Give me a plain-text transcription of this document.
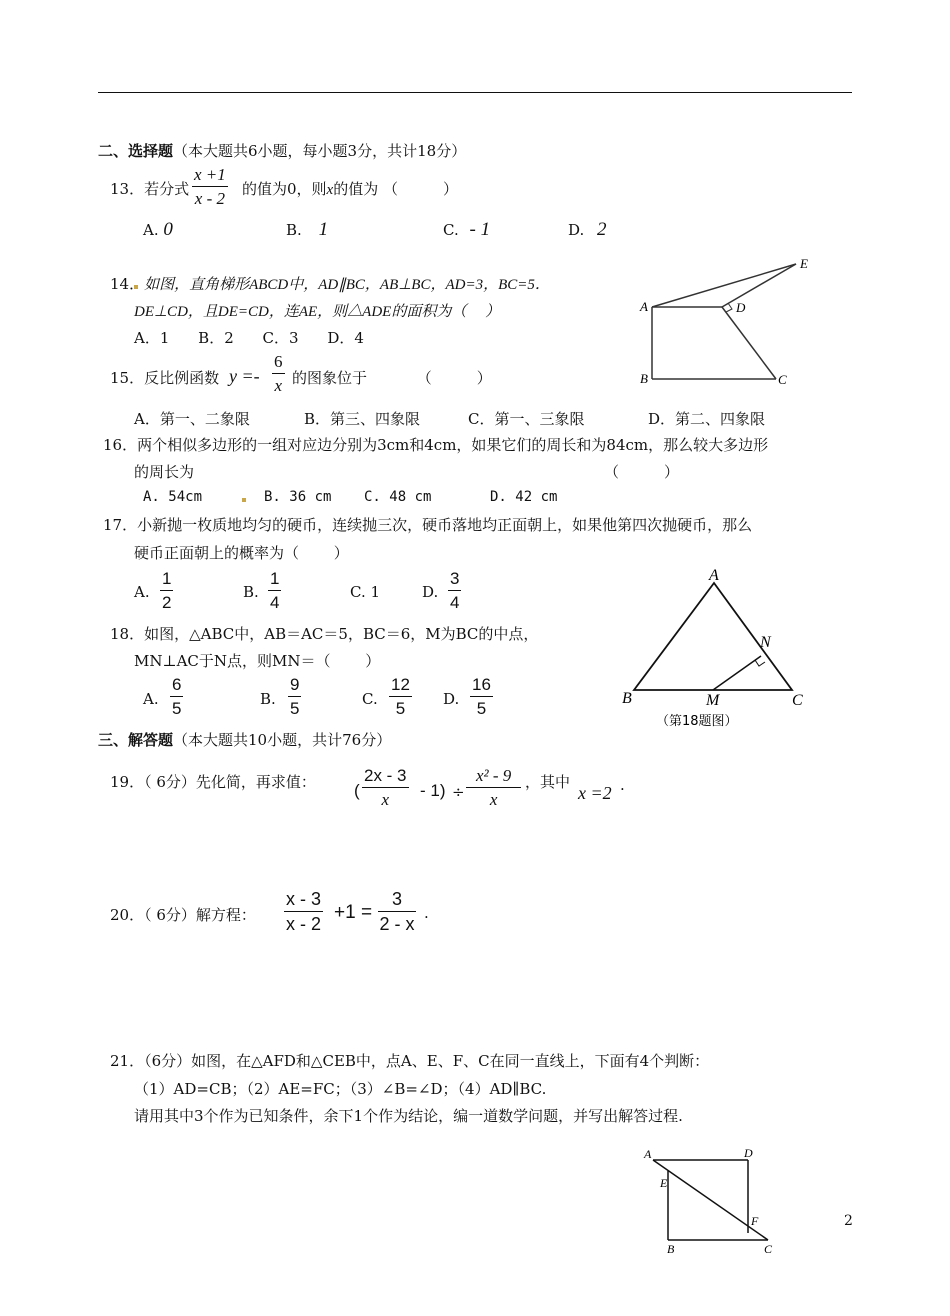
二、选择题（本大题共6小题，每小题3分，共计18分）
13．若分式 $\frac{x +1}{x - 2}$ 的值为0，则x的值为 （　　　）
A. 0	B. 1	C. - 1	D. 2
14．如图，直角梯形ABCD中，AD∥BC，AB⊥BC，AD=3，BC=5．
DE⊥CD，且DE=CD，连AE，则△ADE的面积为（　 ）
A．1 B．2 C．3 D．4
A
B	C
D
E
15．反比例函数 $y =- \frac{6}{x}$ 的图象位于　　　 （　　　）
A．第一、二象限	B．第三、四象限	C．第一、三象限	D．第二、四象限
16．两个相似多边形的一组对应边分别为3cm和4cm，如果它们的周长和为84cm，那么较大多边形
的周长为	（　　　）
A. 54cm	B. 36 cm C. 48 cm	D. 42 cm
17．小新抛一枚质地均匀的硬币，连续抛三次，硬币落地均正面朝上，如果他第四次抛硬币，那么
硬币正面朝上的概率为（　　 ）
A. $\frac{1}{2}$	B. $\frac{1}{4}$	C. 1	D. $\frac{3}{4}$
18．如图，△ABC中，AB＝AC＝5，BC＝6，M为BC的中点，
MN⊥AC于N点，则MN＝（　　 ）
A. $\frac{6}{5}$	B. $\frac{9}{5}$	C. $\frac{12}{5} D$. $\frac{16}{5}$
A
B	C
M
N
（第18题图）
三、解答题（本大题共10小题，共计76分）
19．（ 6分）先化简，再求值： ( $\frac{2x - 3}{x} - 1) \div \frac{\text{x² - 9}}{x}$ ，其中
x =2 .
20．（ 6分）解方程： $\frac{x - 3}{x - 2} +1 = \frac{3}{2 - x}$ .
21．（6分）如图，在△AFD和△CEB中，点A、E、F、C在同一直线上，下面有4个判断：
（1）AD=CB；（2）AE=FC；（3）∠B=∠D；（4）AD∥BC.
请用其中3个作为已知条件，余下1个作为结论，编一道数学问题，并写出解答过程.
A	D
E
F
B	C
2
